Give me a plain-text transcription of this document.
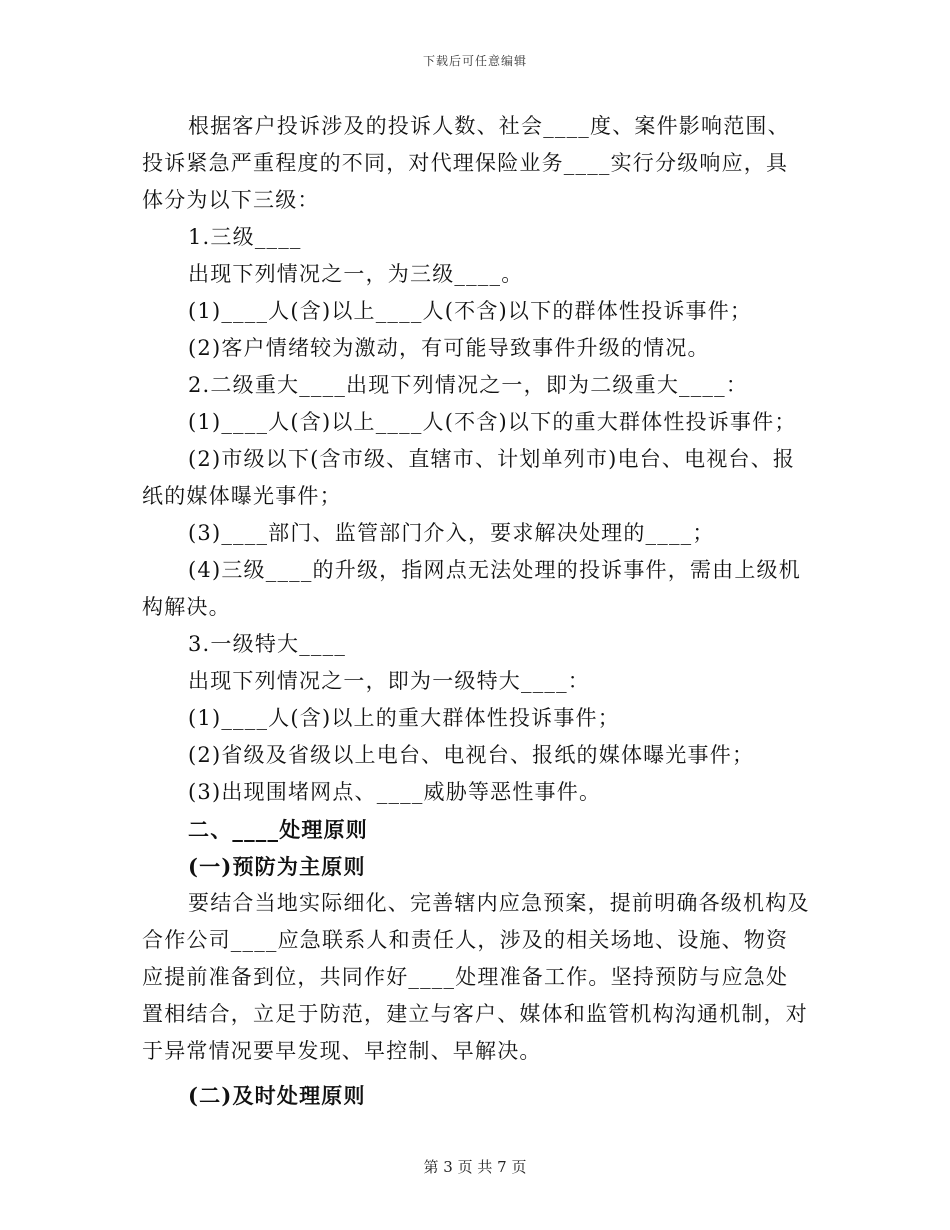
下载后可任意编辑

根据客户投诉涉及的投诉人数、社会____度、案件影响范围、投诉紧急严重程度的不同，对代理保险业务____实行分级响应，具体分为以下三级：

1.三级____

出现下列情况之一，为三级____。

(1)____人(含)以上____人(不含)以下的群体性投诉事件；

(2)客户情绪较为激动，有可能导致事件升级的情况。

2.二级重大____出现下列情况之一，即为二级重大____：

(1)____人(含)以上____人(不含)以下的重大群体性投诉事件；

(2)市级以下(含市级、直辖市、计划单列市)电台、电视台、报纸的媒体曝光事件；

(3)____部门、监管部门介入，要求解决处理的____；

(4)三级____的升级，指网点无法处理的投诉事件，需由上级机构解决。

3.一级特大____

出现下列情况之一，即为一级特大____：

(1)____人(含)以上的重大群体性投诉事件；

(2)省级及省级以上电台、电视台、报纸的媒体曝光事件；

(3)出现围堵网点、____威胁等恶性事件。

二、____处理原则

(一)预防为主原则

要结合当地实际细化、完善辖内应急预案，提前明确各级机构及合作公司____应急联系人和责任人，涉及的相关场地、设施、物资应提前准备到位，共同作好____处理准备工作。坚持预防与应急处置相结合，立足于防范，建立与客户、媒体和监管机构沟通机制，对于异常情况要早发现、早控制、早解决。

(二)及时处理原则

第 3 页 共 7 页
